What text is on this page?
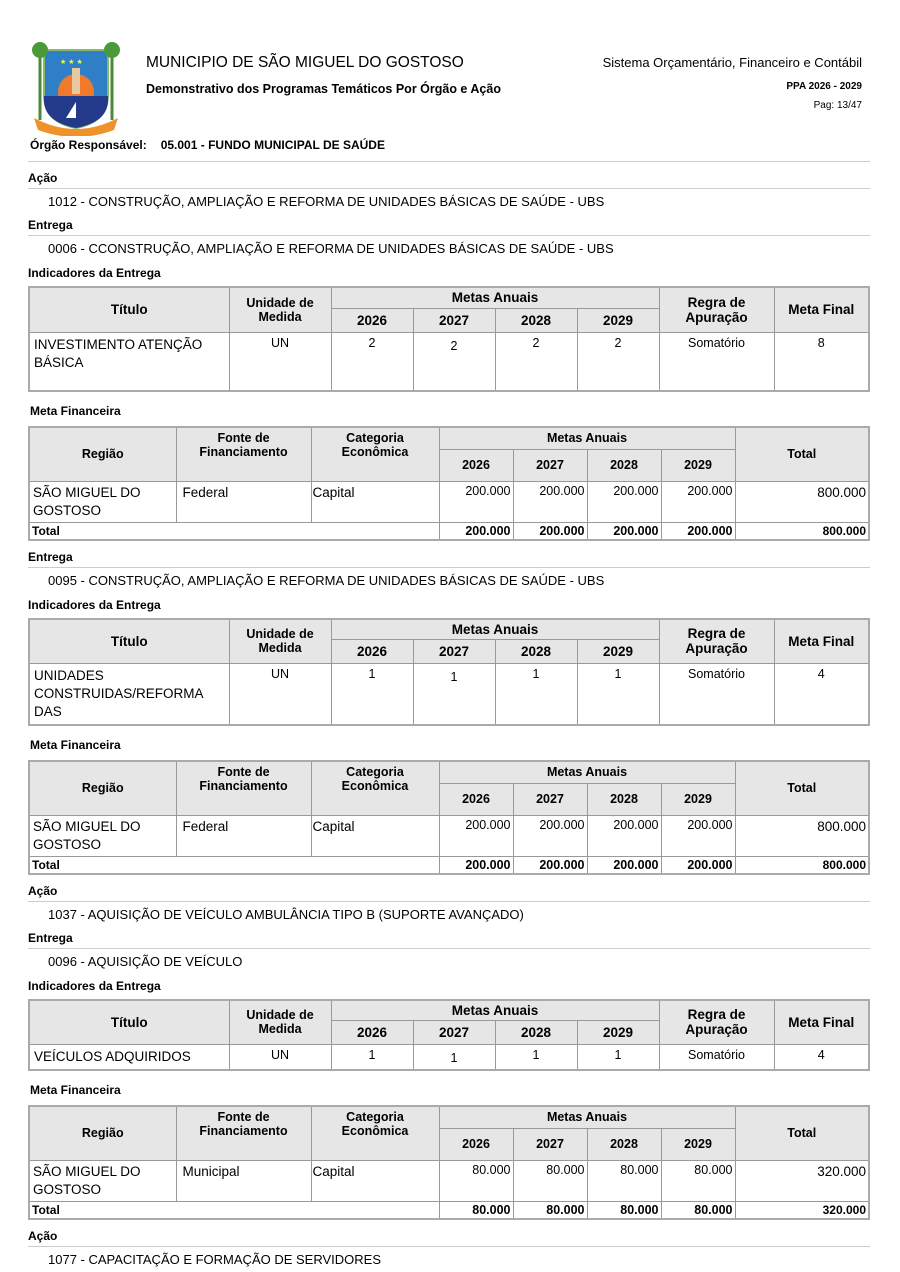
★ ★ ★	MUNICIPIO DE SÃO MIGUEL DO GOSTOSO
Demonstrativo dos Programas Temáticos Por Órgão e Ação
Sistema Orçamentário, Financeiro e Contábil
PPA 2026 - 2029
Pag: 13/47
Órgão Responsável: 05.001 - FUNDO MUNICIPAL DE SAÚDE
Ação
1012 - CONSTRUÇÃO, AMPLIAÇÃO E REFORMA DE UNIDADES BÁSICAS DE SAÚDE - UBS
Entrega
0006 - CCONSTRUÇÃO, AMPLIAÇÃO E REFORMA DE UNIDADES BÁSICAS DE SAÚDE - UBS
Indicadores da Entrega
Título	Unidade de Medida	Metas Anuais				Regra de Apuração	Meta Final
		2026	2027	2028	2029		
INVESTIMENTO ATENÇÃO BÁSICA	UN	2	2	2	2	Somatório	8
Meta Financeira
Região	Fonte de Financiamento	Categoria Econômica	Metas Anuais				Total
			2026	2027	2028	2029	
SÃO MIGUEL DO GOSTOSO	Federal	Capital	200.000	200.000	200.000	200.000	800.000
Total			200.000	200.000	200.000	200.000	800.000
Entrega
0095 - CONSTRUÇÃO, AMPLIAÇÃO E REFORMA DE UNIDADES BÁSICAS DE SAÚDE - UBS
Indicadores da Entrega
Título	Unidade de Medida	Metas Anuais				Regra de Apuração	Meta Final
		2026	2027	2028	2029		
UNIDADES CONSTRUIDAS/REFORMA DAS	UN	1	1	1	1	Somatório	4
Meta Financeira
Região	Fonte de Financiamento	Categoria Econômica	Metas Anuais				Total
			2026	2027	2028	2029	
SÃO MIGUEL DO GOSTOSO	Federal	Capital	200.000	200.000	200.000	200.000	800.000
Total			200.000	200.000	200.000	200.000	800.000
Ação
1037 - AQUISIÇÃO DE VEÍCULO AMBULÂNCIA TIPO B (SUPORTE AVANÇADO)
Entrega
0096 - AQUISIÇÃO DE VEÍCULO
Indicadores da Entrega
Título	Unidade de Medida	Metas Anuais				Regra de Apuração	Meta Final
		2026	2027	2028	2029		
VEÍCULOS ADQUIRIDOS	UN	1	1	1	1	Somatório	4
Meta Financeira
Região	Fonte de Financiamento	Categoria Econômica	Metas Anuais				Total
			2026	2027	2028	2029	
SÃO MIGUEL DO GOSTOSO	Municipal	Capital	80.000	80.000	80.000	80.000	320.000
Total			80.000	80.000	80.000	80.000	320.000
Ação
1077 - CAPACITAÇÃO E FORMAÇÃO DE SERVIDORES
